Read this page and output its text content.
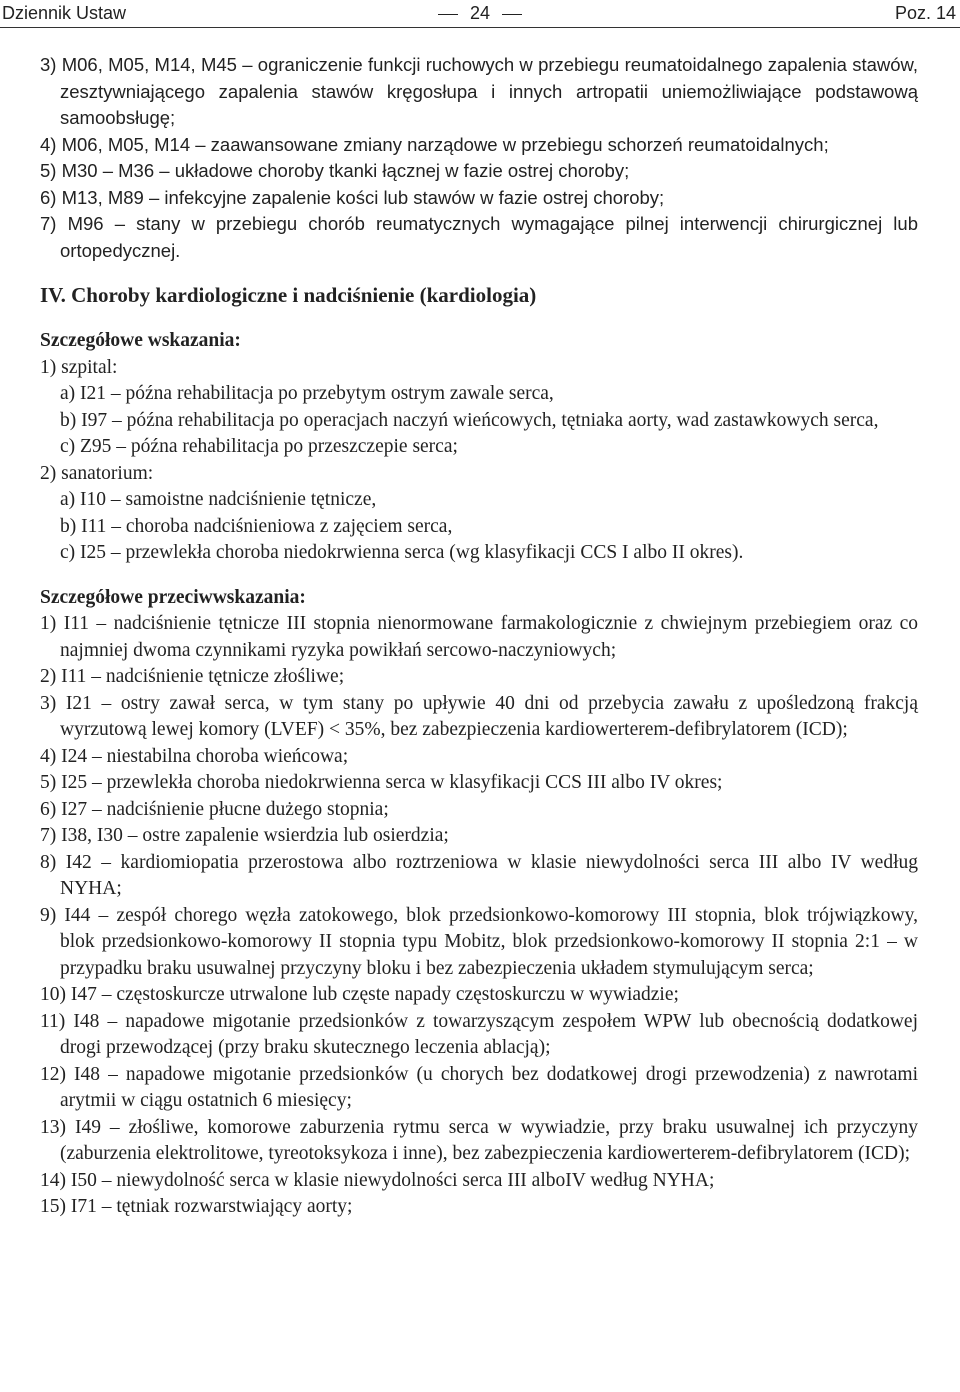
Dziennik Ustaw	24	Poz. 14

3) M06, M05, M14, M45 – ograniczenie funkcji ruchowych w przebiegu reumatoidalnego zapalenia stawów, zesztywniającego zapalenia stawów kręgosłupa i innych artropatii uniemożliwiające podstawową samoobsługę;

4) M06, M05, M14 – zaawansowane zmiany narządowe w przebiegu schorzeń reumatoidalnych;

5) M30 – M36 – układowe choroby tkanki łącznej w fazie ostrej choroby;

6) M13, M89 – infekcyjne zapalenie kości lub stawów w fazie ostrej choroby;

7) M96 – stany w przebiegu chorób reumatycznych wymagające pilnej interwencji chirurgicznej lub ortopedycznej.

IV. Choroby kardiologiczne i nadciśnienie (kardiologia)
Szczegółowe wskazania:

1) szpital:

a) I21 – późna rehabilitacja po przebytym ostrym zawale serca,

b) I97 – późna rehabilitacja po operacjach naczyń wieńcowych, tętniaka aorty, wad zastawkowych serca,

c) Z95 – późna rehabilitacja po przeszczepie serca;

2) sanatorium:

a) I10 – samoistne nadciśnienie tętnicze,

b) I11 – choroba nadciśnieniowa z zajęciem serca,

c) I25 – przewlekła choroba niedokrwienna serca (wg klasyfikacji CCS I albo II okres).

Szczegółowe przeciwwskazania:

1) I11 – nadciśnienie tętnicze III stopnia nienormowane farmakologicznie z chwiejnym przebiegiem oraz co najmniej dwoma czynnikami ryzyka powikłań sercowo-naczyniowych;

2) I11 – nadciśnienie tętnicze złośliwe;

3) I21 – ostry zawał serca, w tym stany po upływie 40 dni od przebycia zawału z upośledzoną frakcją wyrzutową lewej komory (LVEF) < 35%, bez zabezpieczenia kardiowerterem-defibrylatorem (ICD);

4) I24 – niestabilna choroba wieńcowa;

5) I25 – przewlekła choroba niedokrwienna serca w klasyfikacji CCS III albo IV okres;

6) I27 – nadciśnienie płucne dużego stopnia;

7) I38, I30 – ostre zapalenie wsierdzia lub osierdzia;

8) I42 – kardiomiopatia przerostowa albo roztrzeniowa w klasie niewydolności serca III albo IV według NYHA;

9) I44 – zespół chorego węzła zatokowego, blok przedsionkowo-komorowy III stopnia, blok trójwiązkowy, blok przedsionkowo-komorowy II stopnia typu Mobitz, blok przedsionkowo-komorowy II stopnia 2:1 – w przypadku braku usuwalnej przyczyny bloku i bez zabezpieczenia układem stymulującym serca;

10) I47 – częstoskurcze utrwalone lub częste napady częstoskurczu w wywiadzie;

11) I48 – napadowe migotanie przedsionków z towarzyszącym zespołem WPW lub obecnością dodatkowej drogi przewodzącej (przy braku skutecznego leczenia ablacją);

12) I48 – napadowe migotanie przedsionków (u chorych bez dodatkowej drogi przewodzenia) z nawrotami arytmii w ciągu ostatnich 6 miesięcy;

13) I49 – złośliwe, komorowe zaburzenia rytmu serca w wywiadzie, przy braku usuwalnej ich przyczyny (zaburzenia elektrolitowe, tyreotoksykoza i inne), bez zabezpieczenia kardiowerterem-defibrylatorem (ICD);

14) I50 – niewydolność serca w klasie niewydolności serca III alboIV według NYHA;

15) I71 – tętniak rozwarstwiający aorty;
